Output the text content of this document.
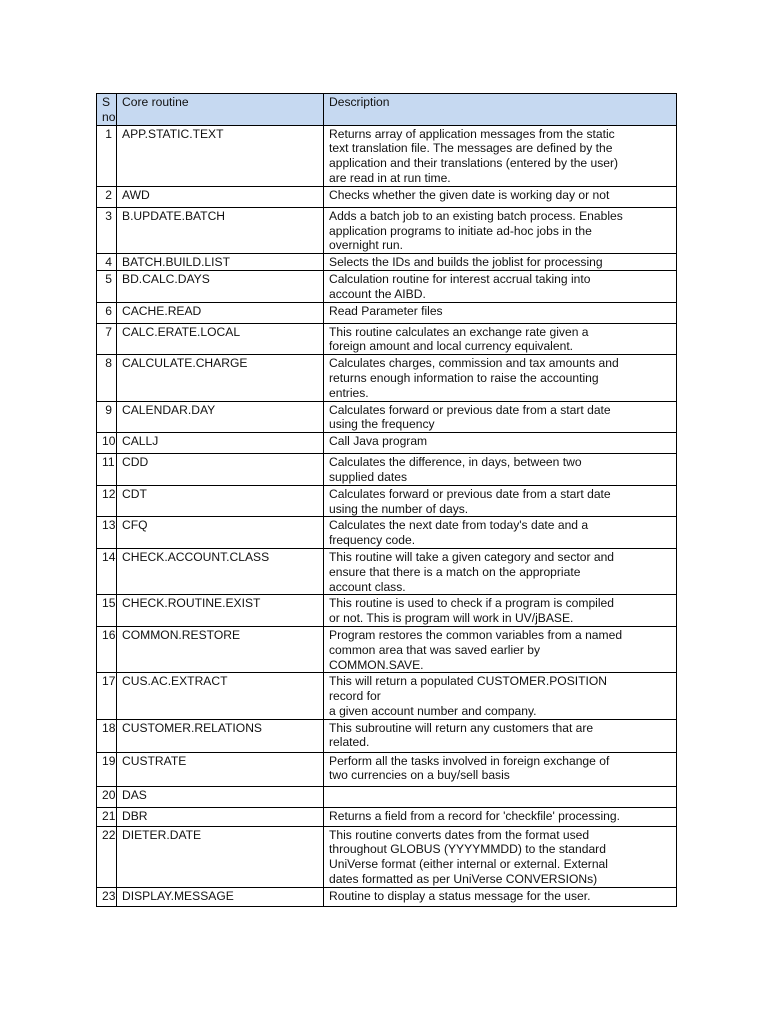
S
no	Core routine	Description
1	APP.STATIC.TEXT	Returns array of application messages from the static
text translation file. The messages are defined by the
application and their translations (entered by the user)
are read in at run time.

2	AWD	Checks whether the given date is working day or not

3	B.UPDATE.BATCH	Adds a batch job to an existing batch process. Enables
application programs to initiate ad-hoc jobs in the
overnight run.

4	BATCH.BUILD.LIST	Selects the IDs and builds the joblist for processing

5	BD.CALC.DAYS	Calculation routine for interest accrual taking into
account the AIBD.

6	CACHE.READ	Read Parameter files

7	CALC.ERATE.LOCAL	This routine calculates an exchange rate given a
foreign amount and local currency equivalent.

8	CALCULATE.CHARGE	Calculates charges, commission and tax amounts and
returns enough information to raise the accounting
entries.

9	CALENDAR.DAY	Calculates forward or previous date from a start date
using the frequency

10	CALLJ	Call Java program

11	CDD	Calculates the difference, in days, between two
supplied dates

12	CDT	Calculates forward or previous date from a start date
using the number of days.

13	CFQ	Calculates the next date from today's date and a
frequency code.

14	CHECK.ACCOUNT.CLASS	This routine will take a given category and sector and
ensure that there is a match on the appropriate
account class.

15	CHECK.ROUTINE.EXIST	This routine is used to check if a program is compiled
or not. This is program will work in UV/jBASE.

16	COMMON.RESTORE	Program restores the common variables from a named
common area that was saved earlier by
COMMON.SAVE.

17	CUS.AC.EXTRACT	This will return a populated CUSTOMER.POSITION
record for
a given account number and company.

18	CUSTOMER.RELATIONS	This subroutine will return any customers that are
related.

19	CUSTRATE	Perform all the tasks involved in foreign exchange of
two currencies on a buy/sell basis

20	DAS	
21	DBR	Returns a field from a record for 'checkfile' processing.

22	DIETER.DATE	This routine converts dates from the format used
throughout GLOBUS (YYYYMMDD) to the standard
UniVerse format (either internal or external. External
dates formatted as per UniVerse CONVERSIONs)

23	DISPLAY.MESSAGE	Routine to display a status message for the user.
